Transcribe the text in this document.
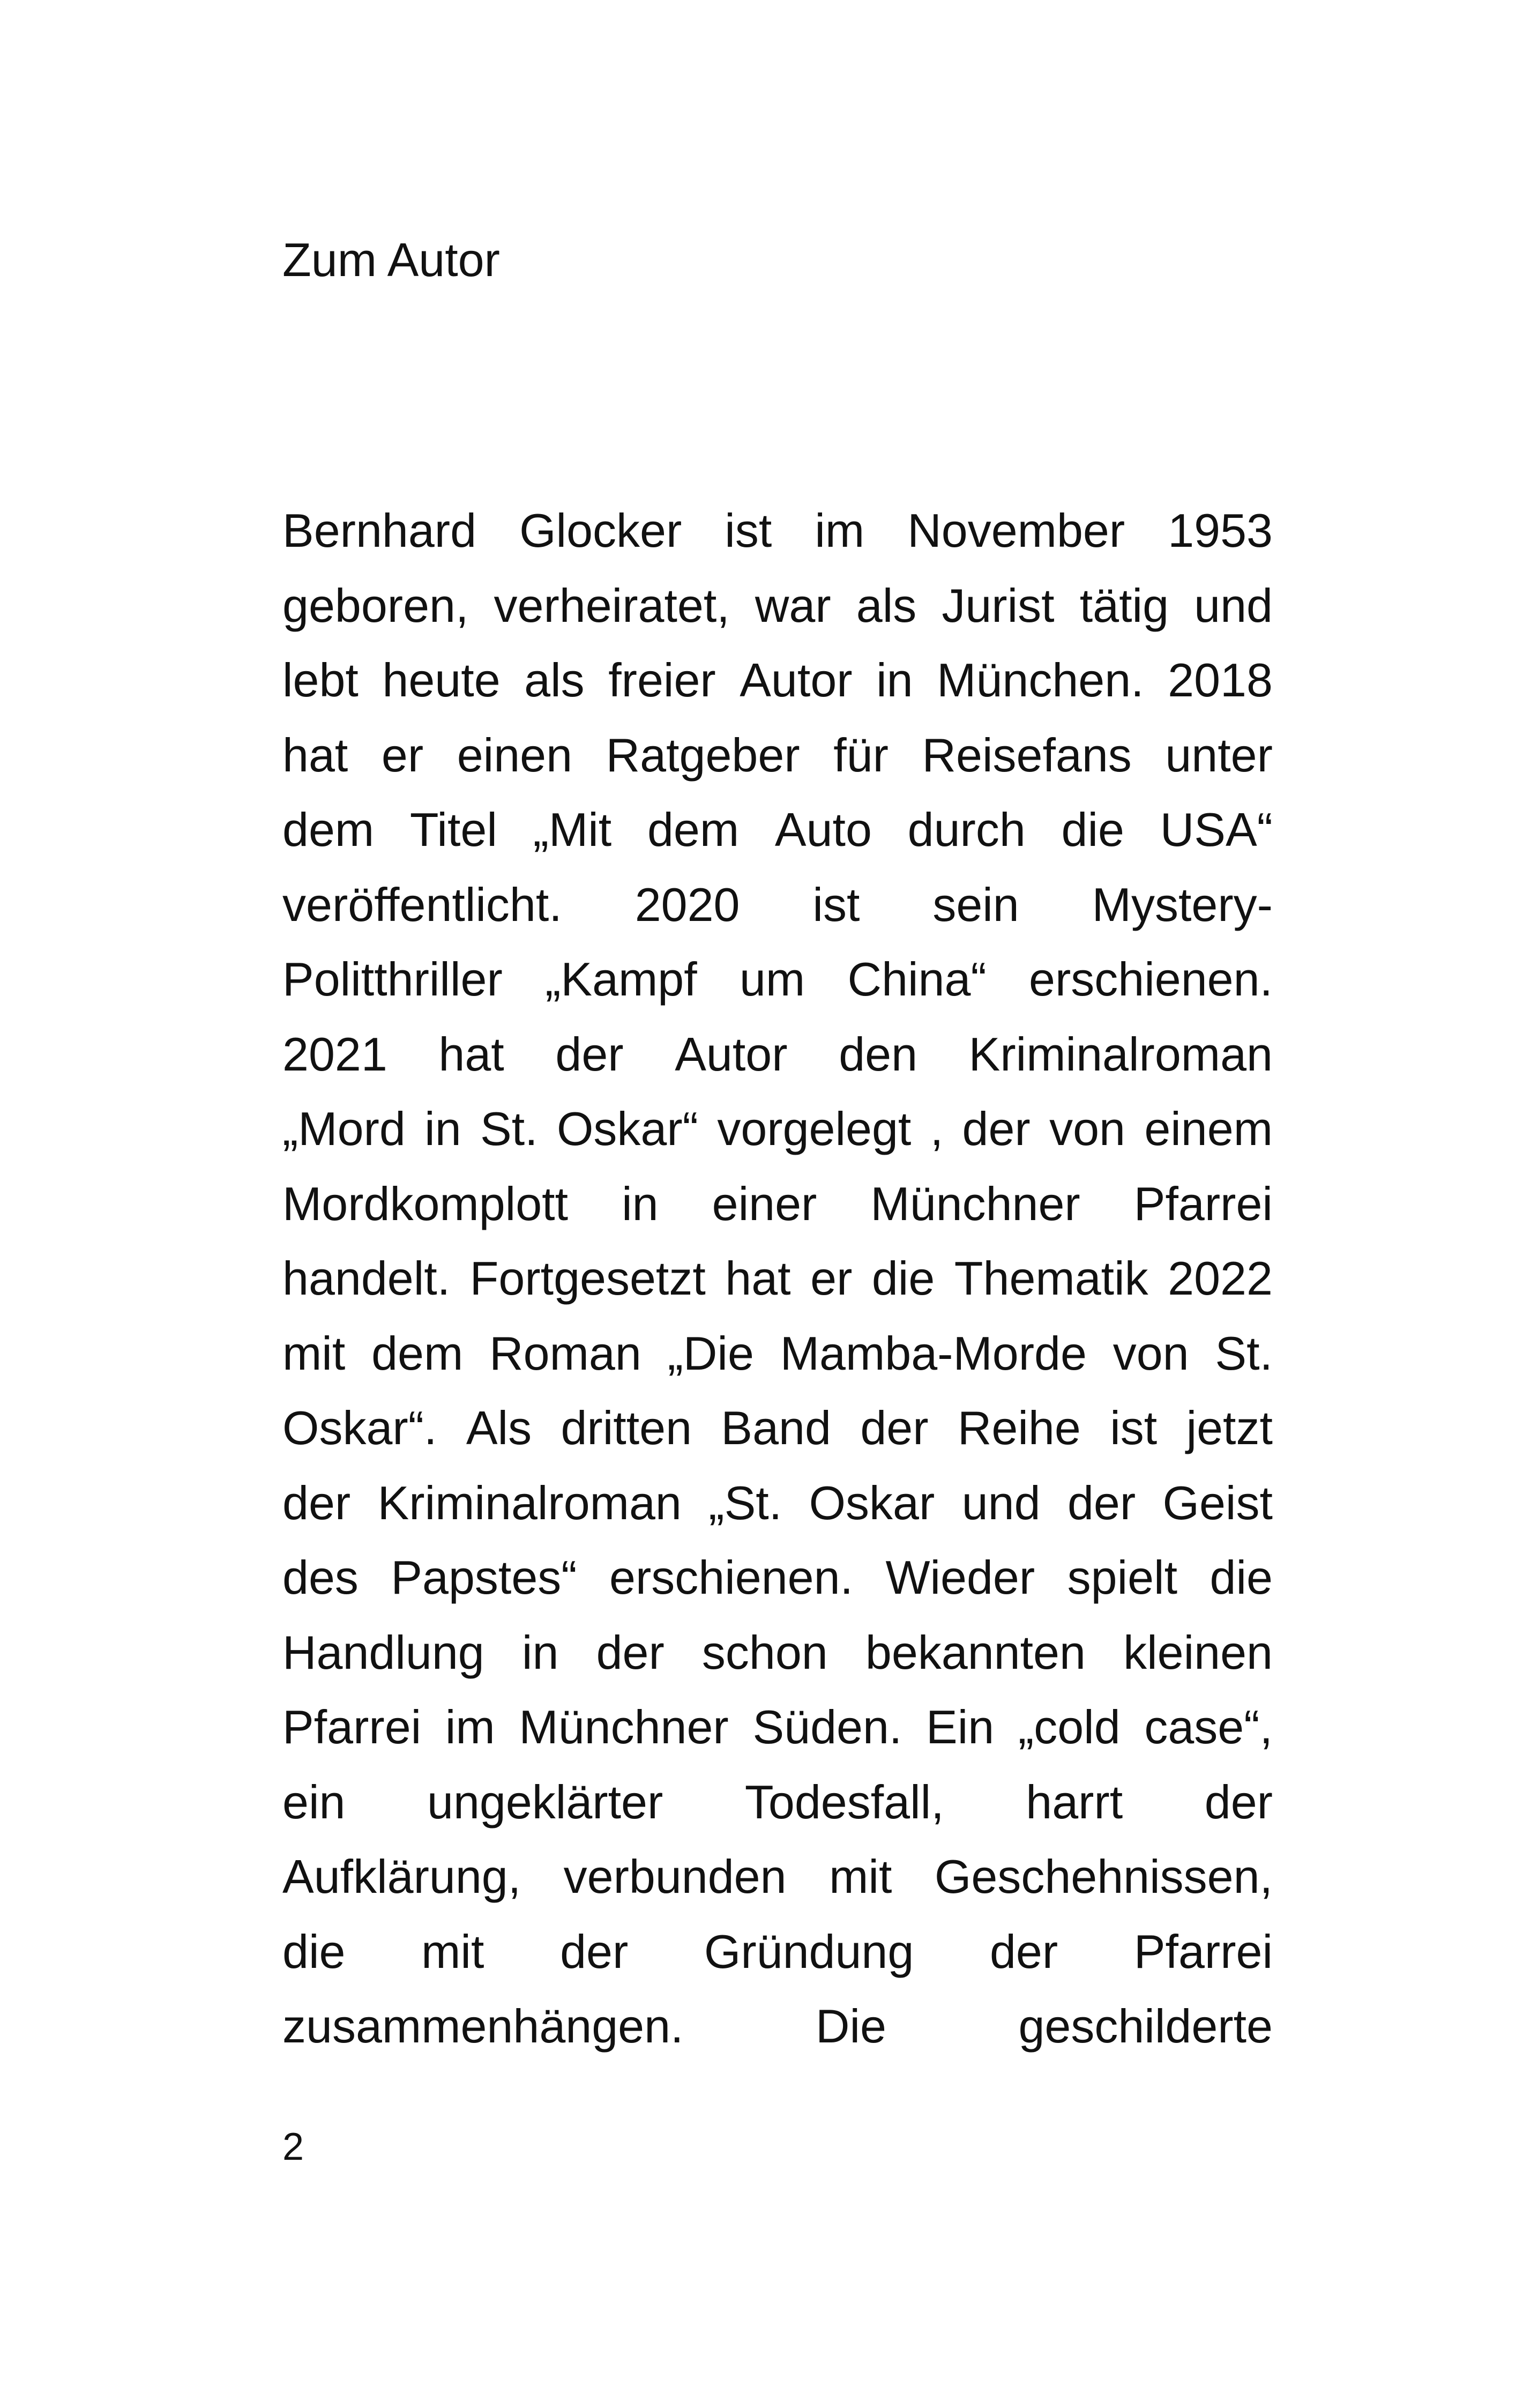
Zum Autor
Bernhard Glocker ist im November 1953
geboren, verheiratet, war als Jurist tätig und
lebt heute als freier Autor in München. 2018
hat er einen Ratgeber für Reisefans unter
dem Titel „Mit dem Auto durch die USA“
veröffentlicht. 2020 ist sein Mystery-
Politthriller „Kampf um China“ erschienen.
2021 hat der Autor den Kriminalroman
„Mord in St. Oskar“ vorgelegt , der von einem
Mordkomplott in einer Münchner Pfarrei
handelt. Fortgesetzt hat er die Thematik 2022
mit dem Roman „Die Mamba-Morde von St.
Oskar“. Als dritten Band der Reihe ist jetzt
der Kriminalroman „St. Oskar und der Geist
des Papstes“ erschienen. Wieder spielt die
Handlung in der schon bekannten kleinen
Pfarrei im Münchner Süden. Ein „cold case“,
ein ungeklärter Todesfall, harrt der
Aufklärung, verbunden mit Geschehnissen,
die mit der Gründung der Pfarrei
zusammenhängen.	Die	geschilderte
2
